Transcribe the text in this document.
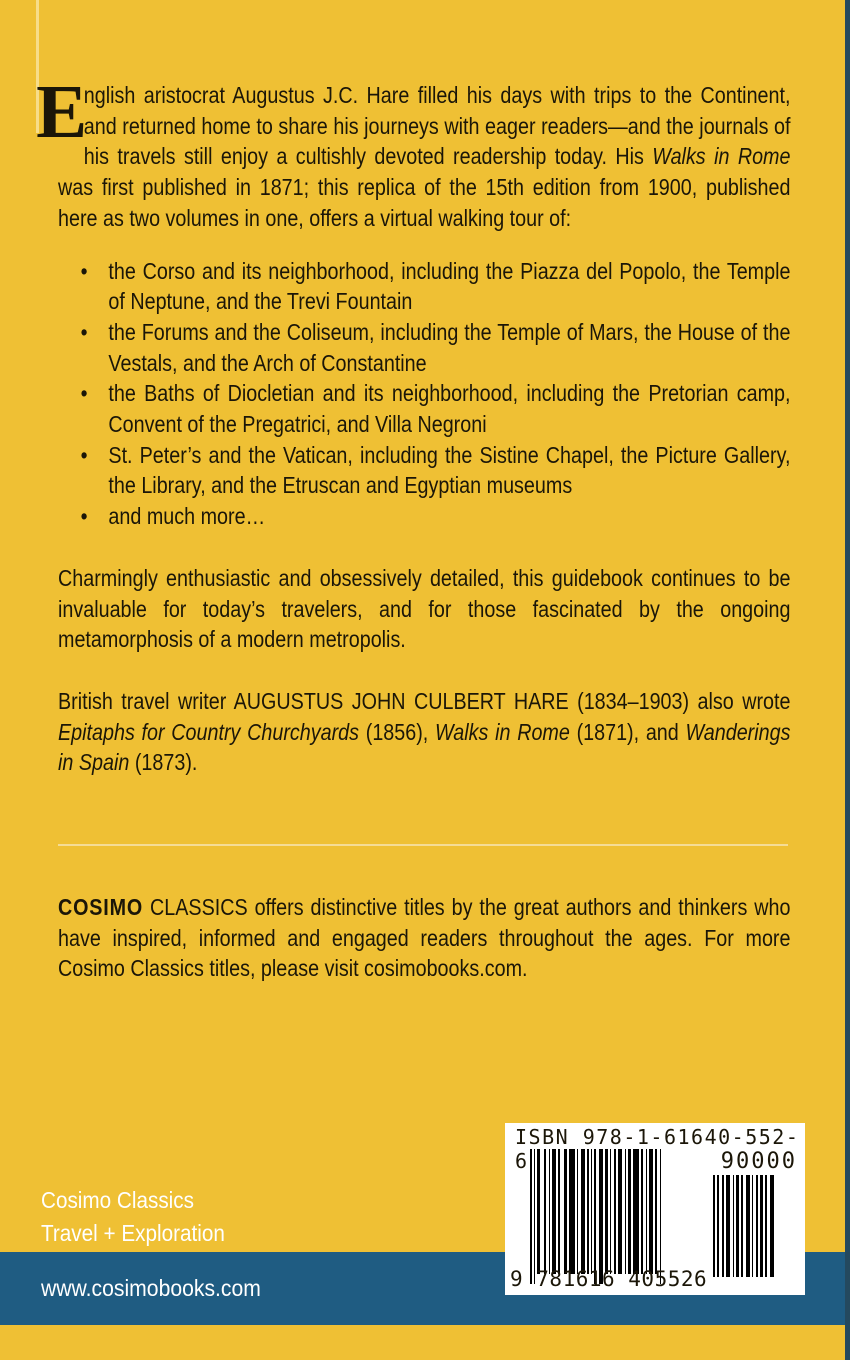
E
nglish aristocrat Augustus J.C. Hare filled his days with trips to the Continent, and returned home to share his journeys with eager readers—and the journals of his travels still enjoy a cultishly devoted readership today. His Walks in Rome was first published in 1871; this replica of the 15th edition from 1900, published here as two volumes in one, offers a virtual walking tour of:

• the Corso and its neighborhood, including the Piazza del Popolo, the Temple of Neptune, and the Trevi Fountain
• the Forums and the Coliseum, including the Temple of Mars, the House of the Vestals, and the Arch of Constantine
• the Baths of Diocletian and its neighborhood, including the Pretorian camp, Convent of the Pregatrici, and Villa Negroni
• St. Peter’s and the Vatican, including the Sistine Chapel, the Picture Gallery, the Library, and the Etruscan and Egyptian museums
• and much more…

Charmingly enthusiastic and obsessively detailed, this guidebook continues to be invaluable for today’s travelers, and for those fascinated by the ongoing metamorphosis of a modern metropolis.

British travel writer AUGUSTUS JOHN CULBERT HARE (1834–1903) also wrote Epitaphs for Country Churchyards (1856), Walks in Rome (1871), and Wanderings in Spain (1873).

COSIMO CLASSICS offers distinctive titles by the great authors and thinkers who have inspired, informed and engaged readers throughout the ages. For more Cosimo Classics titles, please visit cosimobooks.com.
Cosimo Classics
Travel + Exploration
www.cosimobooks.com
ISBN 978-1-61640-552-6	90000
9 781616 405526
